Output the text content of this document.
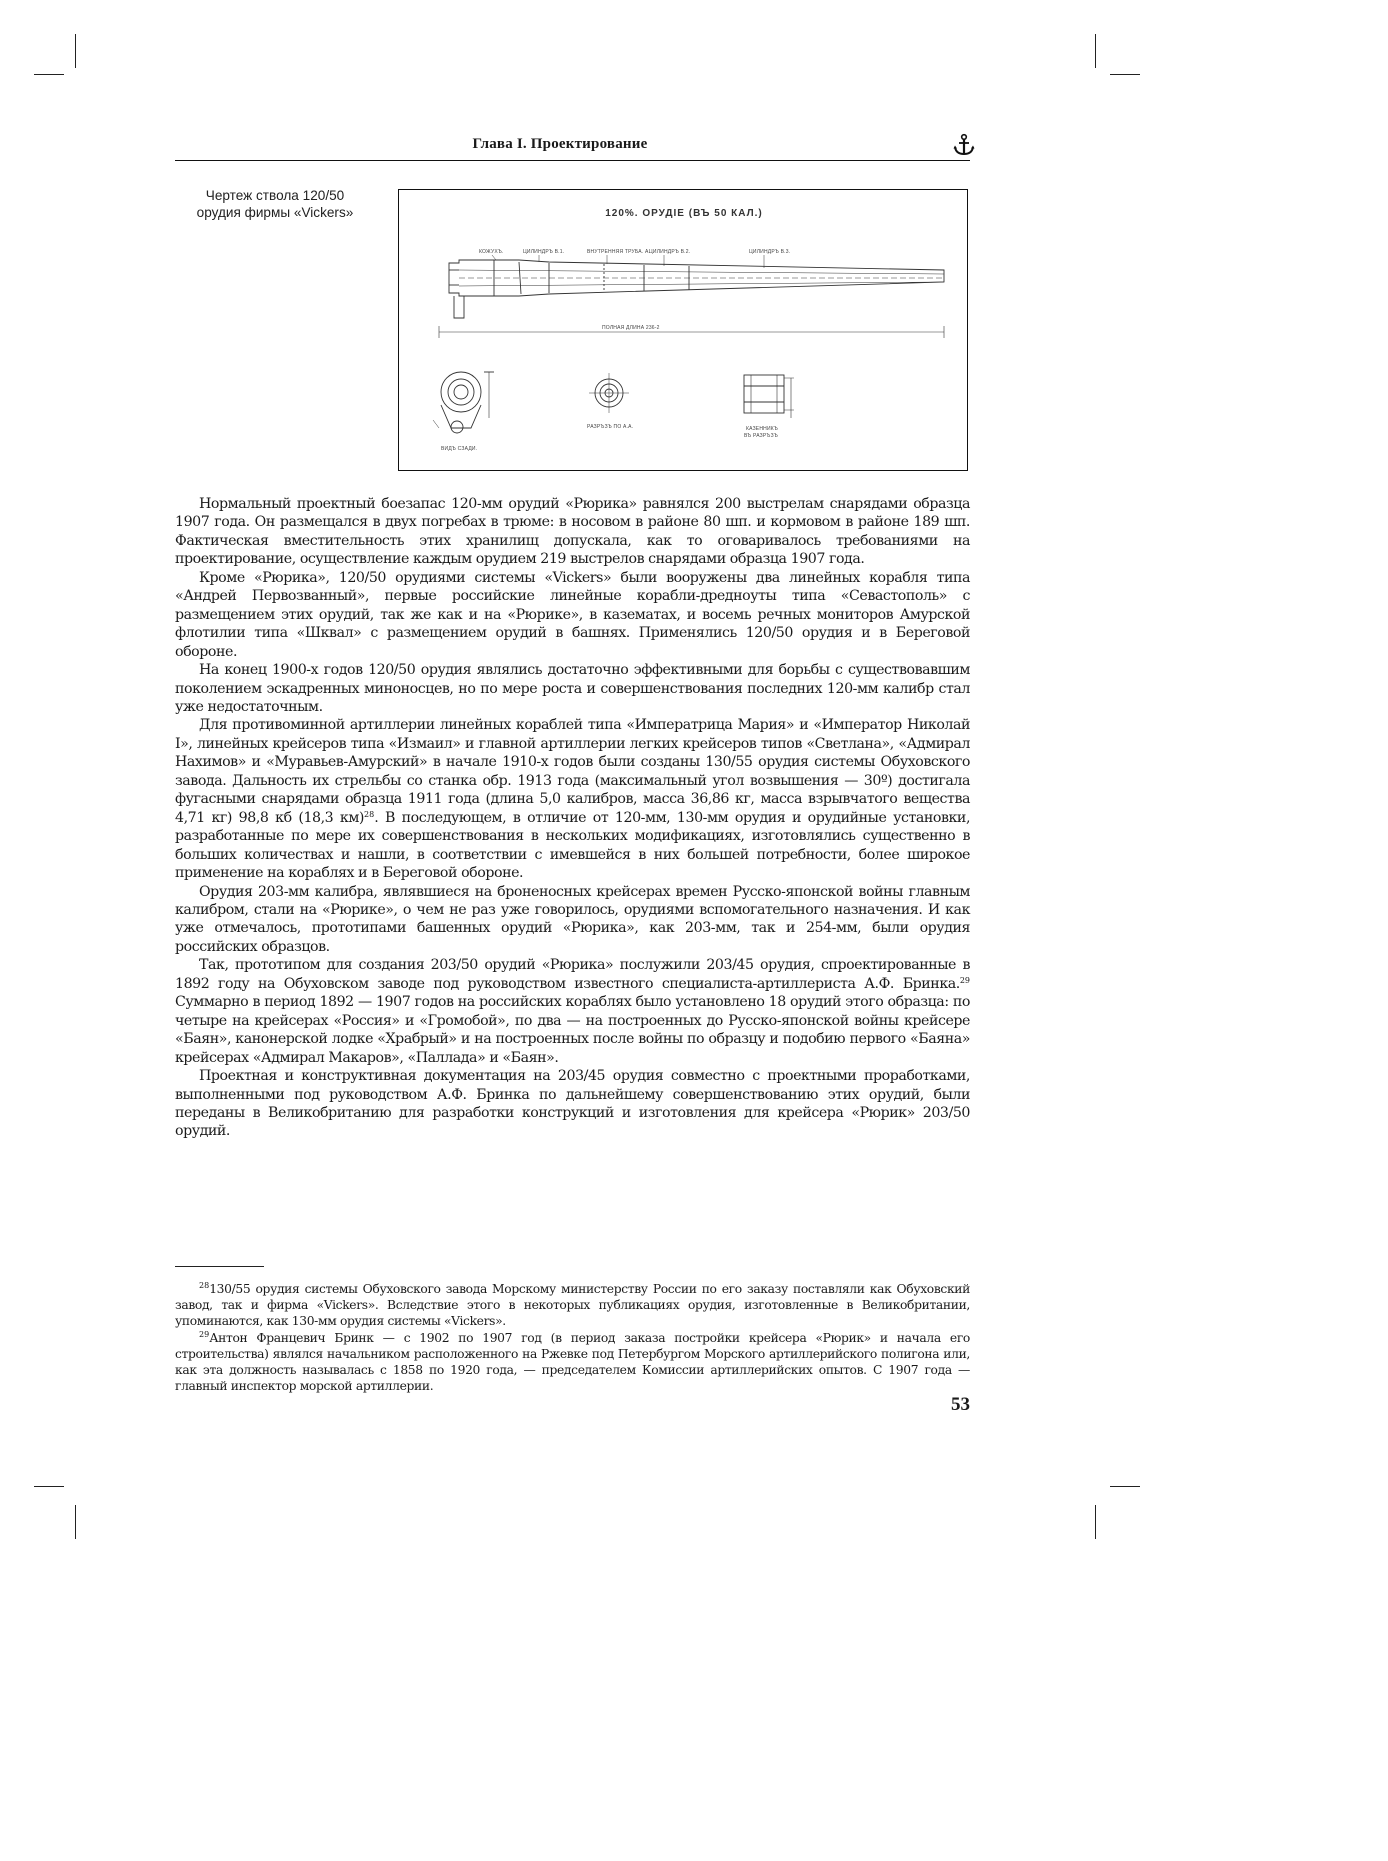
Глава I. Проектирование
Чертеж ствола 120/50 орудия фирмы «Vickers»	120%. ОРУДІЕ (ВЪ 50 КАЛ.)
КОЖУХЪ.	ЦИЛИНДРЪ В.1.	ВНУТРЕННЯЯ ТРУБА. А.
ЦИЛИНДРЪ В.2.	ЦИЛИНДРЪ В.3.
ПОЛНАЯ ДЛИНА 236-2
ВИДЪ СЗАДИ.
РАЗРЪЗЪ ПО А.А.	КАЗЕННИКЪ
ВЪ РАЗРЪЗЪ

Нормальный проектный боезапас 120-мм орудий «Рюрика» равнялся 200 выстрелам снарядами образца 1907 года. Он размещался в двух погребах в трюме: в носовом в районе 80 шп. и кормовом в районе 189 шп. Фактическая вместительность этих хранилищ допускала, как то оговаривалось требованиями на проектирование, осуществление каждым орудием 219 выстрелов снарядами образца 1907 года.

Кроме «Рюрика», 120/50 орудиями системы «Vickers» были вооружены два линейных корабля типа «Андрей Первозванный», первые российские линейные корабли-дредноуты типа «Севастополь» с размещением этих орудий, так же как и на «Рюрике», в казематах, и восемь речных мониторов Амурской флотилии типа «Шквал» с размещением орудий в башнях. Применялись 120/50 орудия и в Береговой обороне.

На конец 1900-х годов 120/50 орудия являлись достаточно эффективными для борьбы с существовавшим поколением эскадренных миноносцев, но по мере роста и совершенствования последних 120-мм калибр стал уже недостаточным.

Для противоминной артиллерии линейных кораблей типа «Императрица Мария» и «Император Николай I», линейных крейсеров типа «Измаил» и главной артиллерии легких крейсеров типов «Светлана», «Адмирал Нахимов» и «Муравьев-Амурский» в начале 1910-х годов были созданы 130/55 орудия системы Обуховского завода. Дальность их стрельбы со станка обр. 1913 года (максимальный угол возвышения — 30º) достигала фугасными снарядами образца 1911 года (длина 5,0 калибров, масса 36,86 кг, масса взрывчатого вещества 4,71 кг) 98,8 кб (18,3 км)$^{28}$. В последующем, в отличие от 120-мм, 130-мм орудия и орудийные установки, разработанные по мере их совершенствования в нескольких модификациях, изготовлялись существенно в больших количествах и нашли, в соответствии с имевшейся в них большей потребности, более широкое применение на кораблях и в Береговой обороне.

Орудия 203-мм калибра, являвшиеся на броненосных крейсерах времен Русско-японской войны главным калибром, стали на «Рюрике», о чем не раз уже говорилось, орудиями вспомогательного назначения. И как уже отмечалось, прототипами башенных орудий «Рюрика», как 203-мм, так и 254-мм, были орудия российских образцов.

Так, прототипом для создания 203/50 орудий «Рюрика» послужили 203/45 орудия, спроектированные в 1892 году на Обуховском заводе под руководством известного специалиста-артиллериста А.Ф. Бринка.$^{29}$ Суммарно в период 1892 — 1907 годов на российских кораблях было установлено 18 орудий этого образца: по четыре на крейсерах «Россия» и «Громобой», по два — на построенных до Русско-японской войны крейсере «Баян», канонерской лодке «Храбрый» и на построенных после войны по образцу и подобию первого «Баяна» крейсерах «Адмирал Макаров», «Паллада» и «Баян».

Проектная и конструктивная документация на 203/45 орудия совместно с проектными проработками, выполненными под руководством А.Ф. Бринка по дальнейшему совершенствованию этих орудий, были переданы в Великобританию для разработки конструкций и изготовления для крейсера «Рюрик» 203/50 орудий.

$^{28}$130/55 орудия системы Обуховского завода Морскому министерству России по его заказу поставляли как Обуховский завод, так и фирма «Vickers». Вследствие этого в некоторых публикациях орудия, изготовленные в Великобритании, упоминаются, как 130-мм орудия системы «Vickers».

$^{29}$Антон Францевич Бринк — с 1902 по 1907 год (в период заказа постройки крейсера «Рюрик» и начала его строительства) являлся начальником расположенного на Ржевке под Петербургом Морского артиллерийского полигона или, как эта должность называлась с 1858 по 1920 года, — председателем Комиссии артиллерийских опытов. С 1907 года — главный инспектор морской артиллерии.

53
